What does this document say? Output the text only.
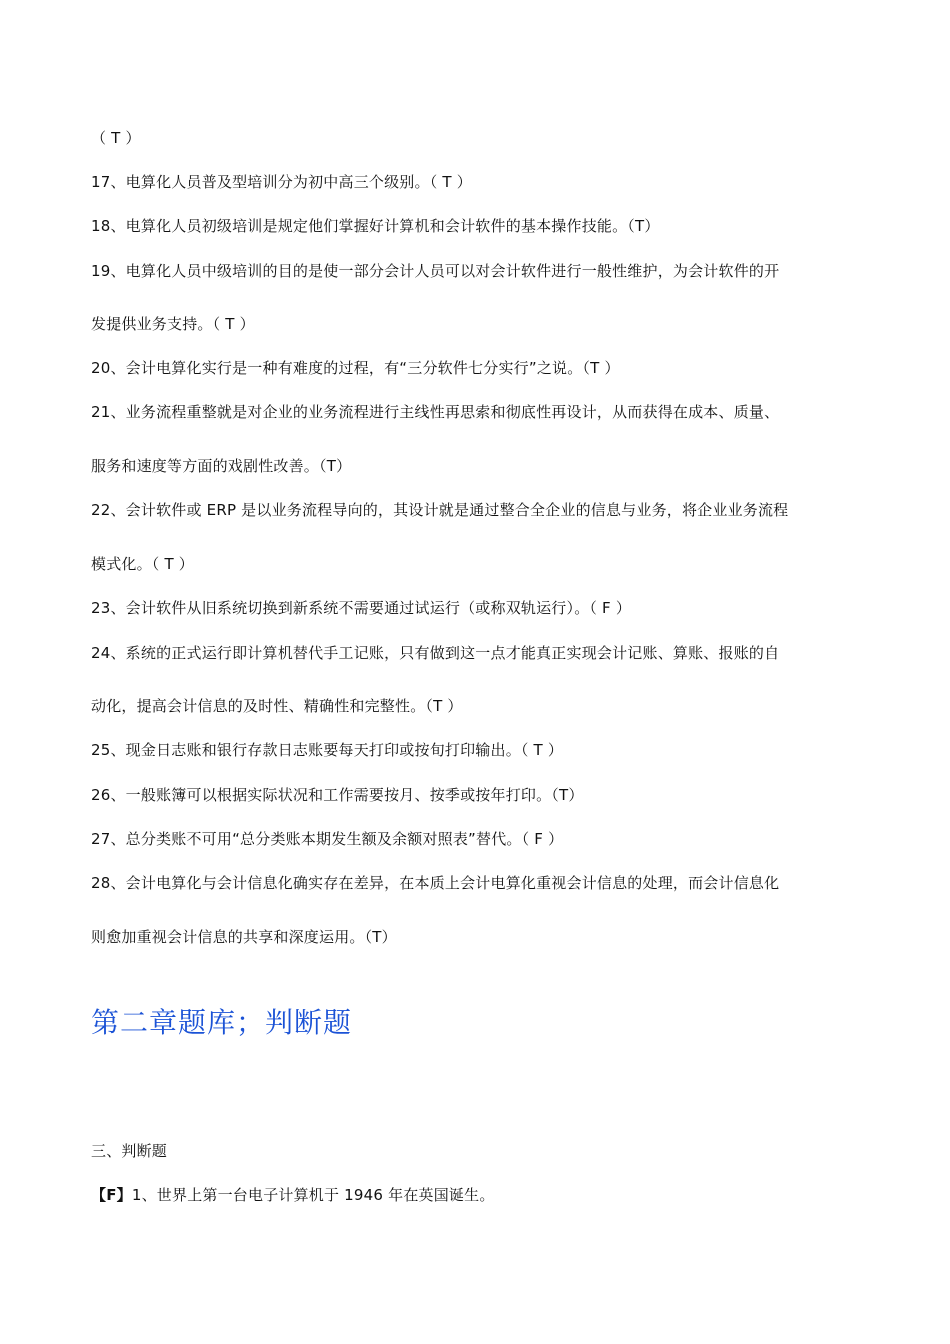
（ T ）
17、电算化人员普及型培训分为初中高三个级别。（ T ）
18、电算化人员初级培训是规定他们掌握好计算机和会计软件的基本操作技能。（T）
19、电算化人员中级培训的目的是使一部分会计人员可以对会计软件进行一般性维护，为会计软件的开
发提供业务支持。（ T ）
20、会计电算化实行是一种有难度的过程，有“三分软件七分实行”之说。（T ）
21、业务流程重整就是对企业的业务流程进行主线性再思索和彻底性再设计，从而获得在成本、质量、
服务和速度等方面的戏剧性改善。（T）
22、会计软件或 ERP 是以业务流程导向的，其设计就是通过整合全企业的信息与业务，将企业业务流程
模式化。（ T ）
23、会计软件从旧系统切换到新系统不需要通过试运行（或称双轨运行）。（ F ）
24、系统的正式运行即计算机替代手工记账，只有做到这一点才能真正实现会计记账、算账、报账的自
动化，提高会计信息的及时性、精确性和完整性。（T ）
25、现金日志账和银行存款日志账要每天打印或按旬打印输出。（ T ）
26、一般账簿可以根据实际状况和工作需要按月、按季或按年打印。（T）
27、总分类账不可用“总分类账本期发生额及余额对照表”替代。（ F ）
28、会计电算化与会计信息化确实存在差异，在本质上会计电算化重视会计信息的处理，而会计信息化
则愈加重视会计信息的共享和深度运用。（T）
第二章题库；判断题
三、判断题
【F】1、世界上第一台电子计算机于 1946 年在英国诞生。
